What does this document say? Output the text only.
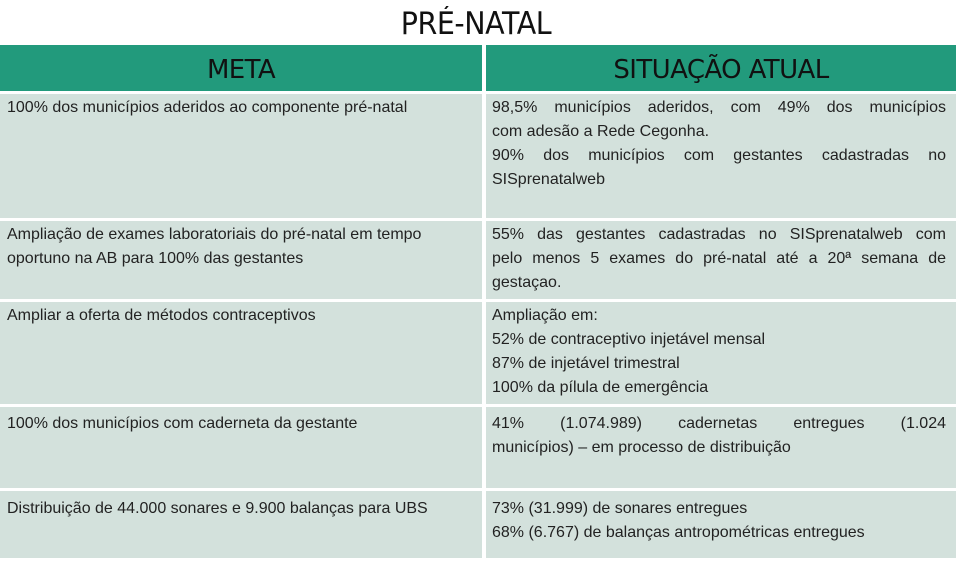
PRÉ-NATAL
META	SITUAÇÃO ATUAL
100% dos municípios aderidos ao componente pré-natal	98,5% municípios aderidos, com 49% dos municípios
com adesão a Rede Cegonha.
90% dos municípios com gestantes cadastradas no
SISprenatalweb

Ampliação de exames laboratoriais do pré-natal em tempo oportuno na AB para 100% das gestantes	55% das gestantes cadastradas no SISprenatalweb com
pelo menos 5 exames do pré-natal até a 20ª semana de
gestaçao.

Ampliar a oferta de métodos contraceptivos	Ampliação em:
52% de contraceptivo injetável mensal
87% de injetável trimestral
100% da pílula de emergência

100% dos municípios com caderneta da gestante	41% (1.074.989) cadernetas entregues (1.024
municípios) – em processo de distribuição

Distribuição de 44.000 sonares e 9.900 balanças para UBS	73% (31.999) de sonares entregues
68% (6.767) de balanças antropométricas entregues
